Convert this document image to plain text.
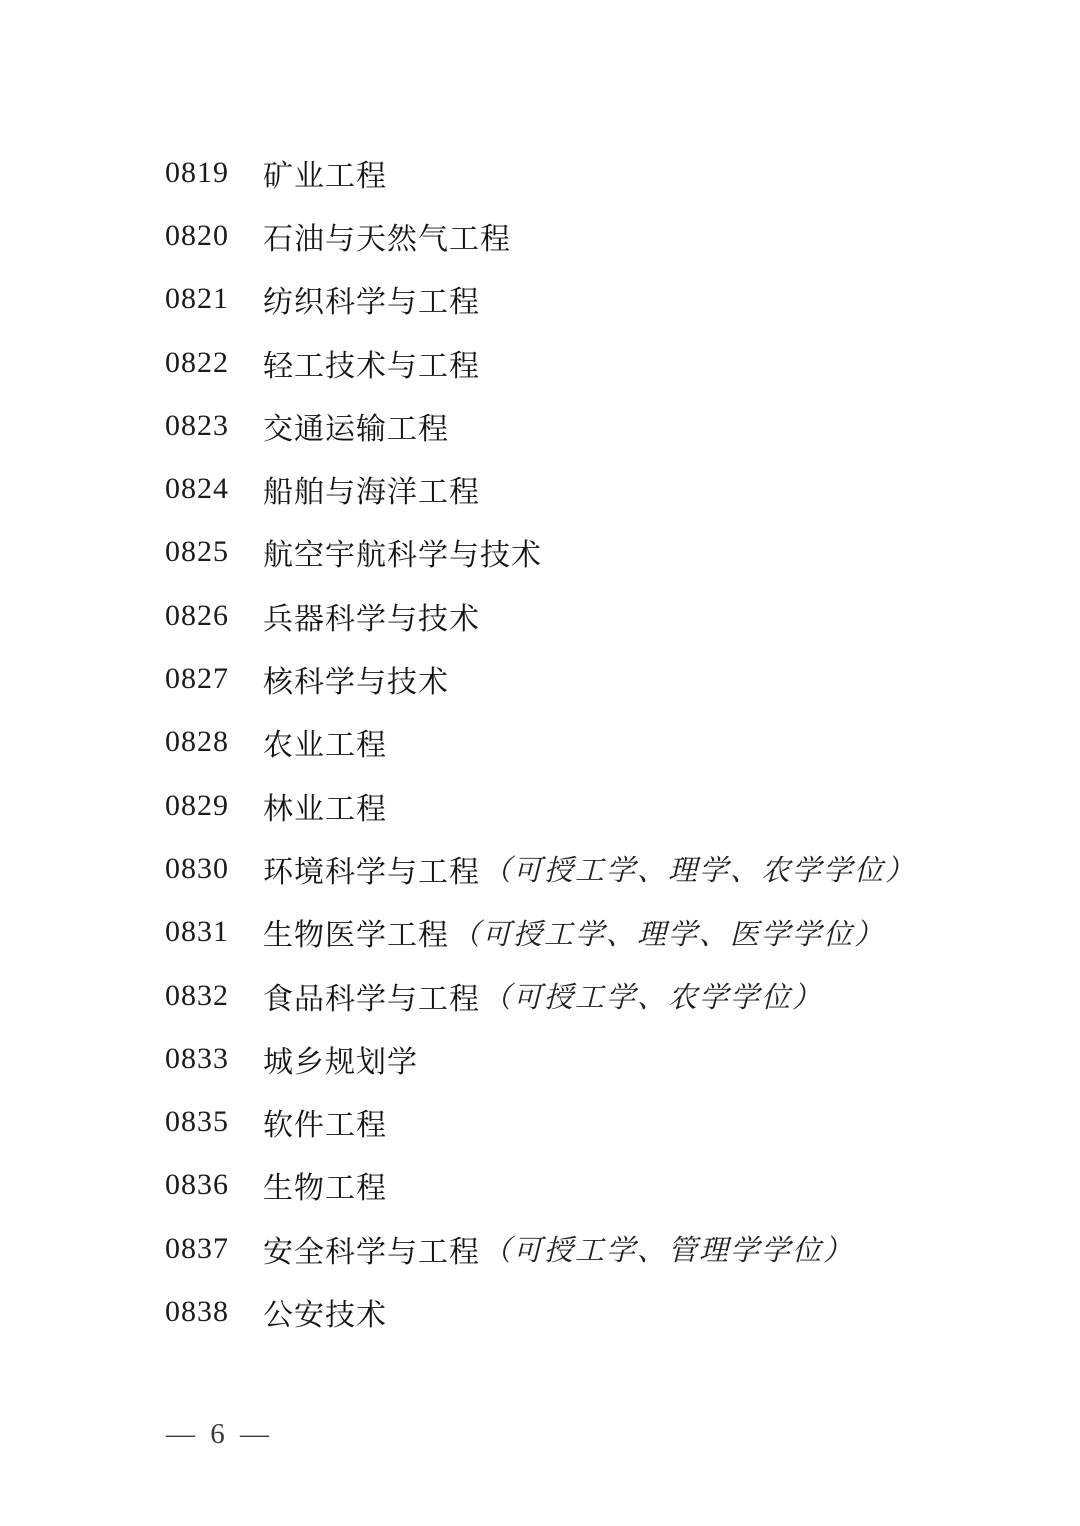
0819	矿业工程
0820	石油与天然气工程
0821	纺织科学与工程
0822	轻工技术与工程
0823	交通运输工程
0824	船舶与海洋工程
0825	航空宇航科学与技术
0826	兵器科学与技术
0827	核科学与技术
0828	农业工程
0829	林业工程
0830	环境科学与工程 （可授工学、理学、农学学位）
0831	生物医学工程 （可授工学、理学、医学学位）
0832	食品科学与工程 （可授工学、农学学位）
0833	城乡规划学
0835	软件工程
0836	生物工程
0837	安全科学与工程 （可授工学、管理学学位）
0838	公安技术
— 6 —
